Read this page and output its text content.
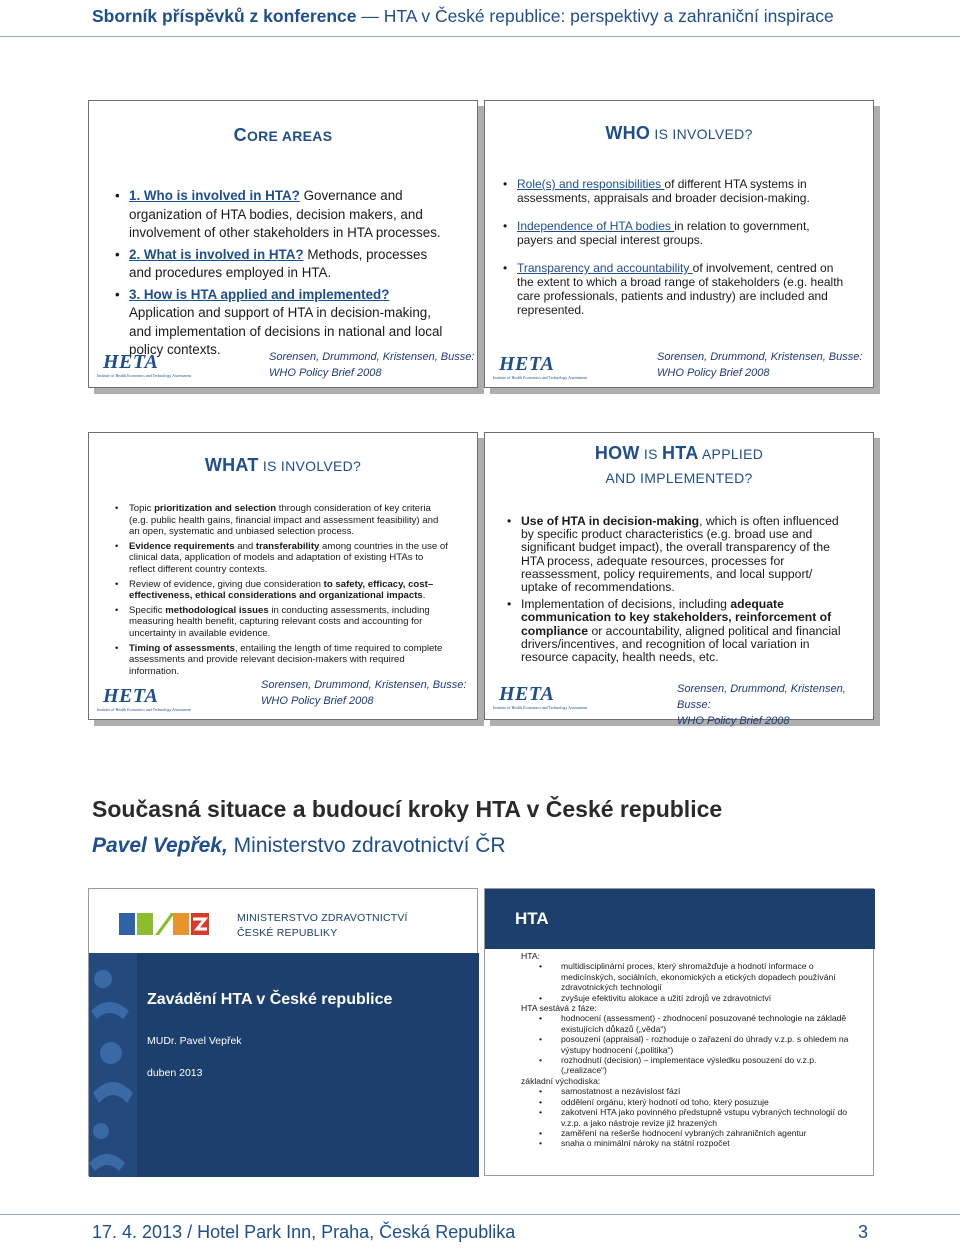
Sborník příspěvků z konference — HTA v České republice: perspektivy a zahraniční inspirace
CORE AREAS
• 1. Who is involved in HTA? Governance and organization of HTA bodies, decision makers, and involvement of other stakeholders in HTA processes.
• 2. What is involved in HTA? Methods, processes and procedures employed in HTA.
• 3. How is HTA applied and implemented? Application and support of HTA in decision-making, and implementation of decisions in national and local policy contexts.
HETA
Institute of Health Economics and Technology Assessment
Sorensen, Drummond, Kristensen, Busse:
WHO Policy Brief 2008
WHO IS INVOLVED?
• Role(s) and responsibilities of different HTA systems in assessments, appraisals and broader decision-making.
• Independence of HTA bodies in relation to government, payers and special interest groups.
• Transparency and accountability of involvement, centred on the extent to which a broad range of stakeholders (e.g. health care professionals, patients and industry) are included and represented.
HETA
Institute of Health Economics and Technology Assessment
Sorensen, Drummond, Kristensen, Busse:
WHO Policy Brief 2008
WHAT IS INVOLVED?
• Topic prioritization and selection through consideration of key criteria (e.g. public health gains, financial impact and assessment feasibility) and an open, systematic and unbiased selection process.
• Evidence requirements and transferability among countries in the use of clinical data, application of models and adaptation of existing HTAs to reflect different country contexts.
• Review of evidence, giving due consideration to safety, efficacy, cost–effectiveness, ethical considerations and organizational impacts.
• Specific methodological issues in conducting assessments, including measuring health benefit, capturing relevant costs and accounting for uncertainty in available evidence.
• Timing of assessments, entailing the length of time required to complete assessments and provide relevant decision-makers with required information.
HETA
Institute of Health Economics and Technology Assessment
Sorensen, Drummond, Kristensen, Busse:
WHO Policy Brief 2008
HOW IS HTA APPLIED
AND IMPLEMENTED?
• Use of HTA in decision-making, which is often influenced by specific product characteristics (e.g. broad use and significant budget impact), the overall transparency of the HTA process, adequate resources, processes for reassessment, policy requirements, and local support/ uptake of recommendations.
• Implementation of decisions, including adequate communication to key stakeholders, reinforcement of compliance or accountability, aligned political and financial drivers/incentives, and recognition of local variation in resource capacity, health needs, etc.
HETA
Institute of Health Economics and Technology Assessment
Sorensen, Drummond, Kristensen, Busse:
WHO Policy Brief 2008
Současná situace a budoucí kroky HTA v České republice
Pavel Vepřek, Ministerstvo zdravotnictví ČR
MINISTERSTVO ZDRAVOTNICTVÍ
ČESKÉ REPUBLIKY
Zavádění HTA v České republice
MUDr. Pavel Vepřek
duben 2013
HTA
HTA:
• multidisciplinární proces, který shromažďuje a hodnotí informace o medicínských, sociálních, ekonomických a etických dopadech používání zdravotnických technologií
• zvyšuje efektivitu alokace a užití zdrojů ve zdravotnictví
HTA sestává z fáze:
• hodnocení (assessment) - zhodnocení posuzované technologie na základě existujících důkazů („věda“)
• posouzení (appraisal) - rozhoduje o zařazení do úhrady v.z.p. s ohledem na výstupy hodnocení („politika“)
• rozhodnutí (decision) – implementace výsledku posouzení do v.z.p. („realizace“)
základní východiska:
• samostatnost a nezávislost fází
• oddělení orgánu, který hodnotí od toho, který posuzuje
• zakotvení HTA jako povinného předstupně vstupu vybraných technologií do v.z.p. a jako nástroje revize již hrazených
• zaměření na rešerše hodnocení vybraných zahraničních agentur
• snaha o minimální nároky na státní rozpočet
17. 4. 2013 / Hotel Park Inn, Praha, Česká Republika	3
